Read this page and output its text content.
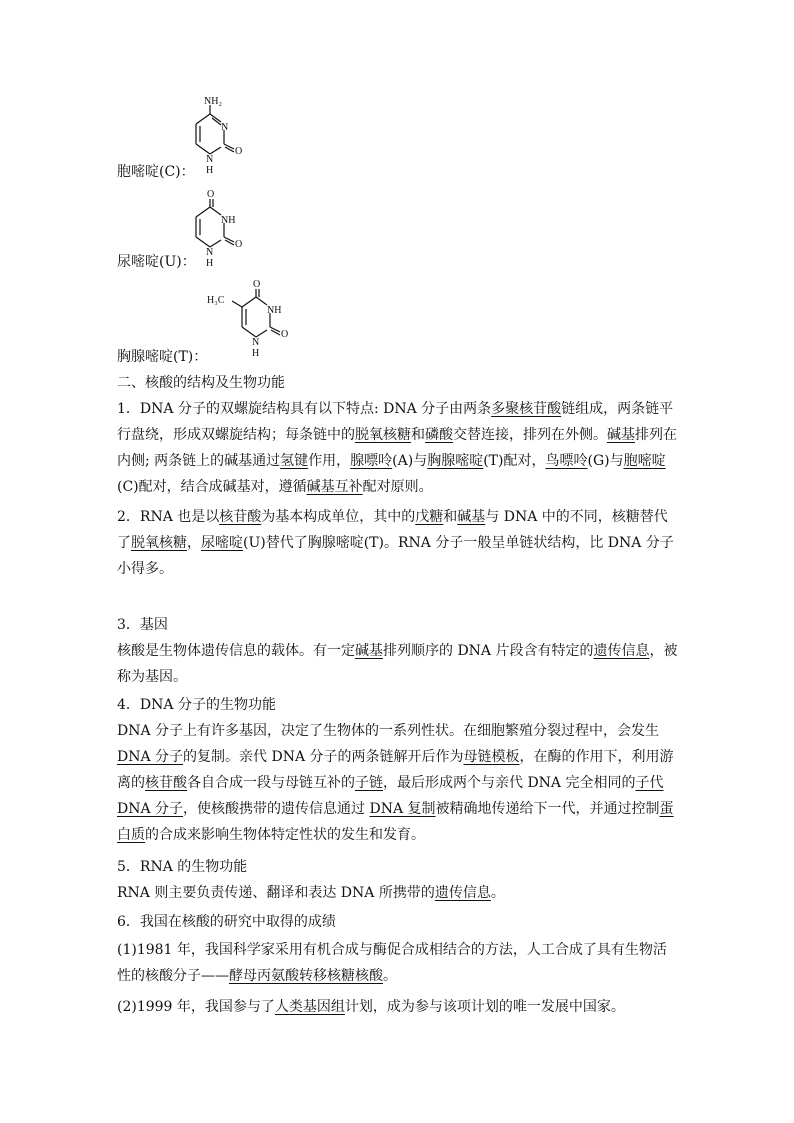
胞嘧啶(C)：
NH₂
N
O
N
H
尿嘧啶(U)：
O
NH
O
N
H
胸腺嘧啶(T)：
H₃C
O
NH
O
N
H
二、核酸的结构及生物功能
1．DNA 分子的双螺旋结构具有以下特点: DNA 分子由两条多聚核苷酸链组成，两条链平行盘绕，形成双螺旋结构；每条链中的脱氧核糖和磷酸交替连接，排列在外侧。碱基排列在内侧; 两条链上的碱基通过氢键作用，腺嘌呤(A)与胸腺嘧啶(T)配对，鸟嘌呤(G)与胞嘧啶(C)配对，结合成碱基对，遵循碱基互补配对原则。
2．RNA 也是以核苷酸为基本构成单位，其中的戊糖和碱基与 DNA 中的不同，核糖替代了脱氧核糖，尿嘧啶(U)替代了胸腺嘧啶(T)。RNA 分子一般呈单链状结构，比 DNA 分子小得多。
3．基因
核酸是生物体遗传信息的载体。有一定碱基排列顺序的 DNA 片段含有特定的遗传信息，被称为基因。
4．DNA 分子的生物功能
DNA 分子上有许多基因，决定了生物体的一系列性状。在细胞繁殖分裂过程中，会发生 DNA 分子的复制。亲代 DNA 分子的两条链解开后作为母链模板，在酶的作用下，利用游离的核苷酸各自合成一段与母链互补的子链，最后形成两个与亲代 DNA 完全相同的子代 DNA 分子，使核酸携带的遗传信息通过 DNA 复制被精确地传递给下一代，并通过控制蛋白质的合成来影响生物体特定性状的发生和发育。
5．RNA 的生物功能
RNA 则主要负责传递、翻译和表达 DNA 所携带的遗传信息。
6．我国在核酸的研究中取得的成绩
(1)1981 年，我国科学家采用有机合成与酶促合成相结合的方法，人工合成了具有生物活性的核酸分子——酵母丙氨酸转移核糖核酸。
(2)1999 年，我国参与了人类基因组计划，成为参与该项计划的唯一发展中国家。
